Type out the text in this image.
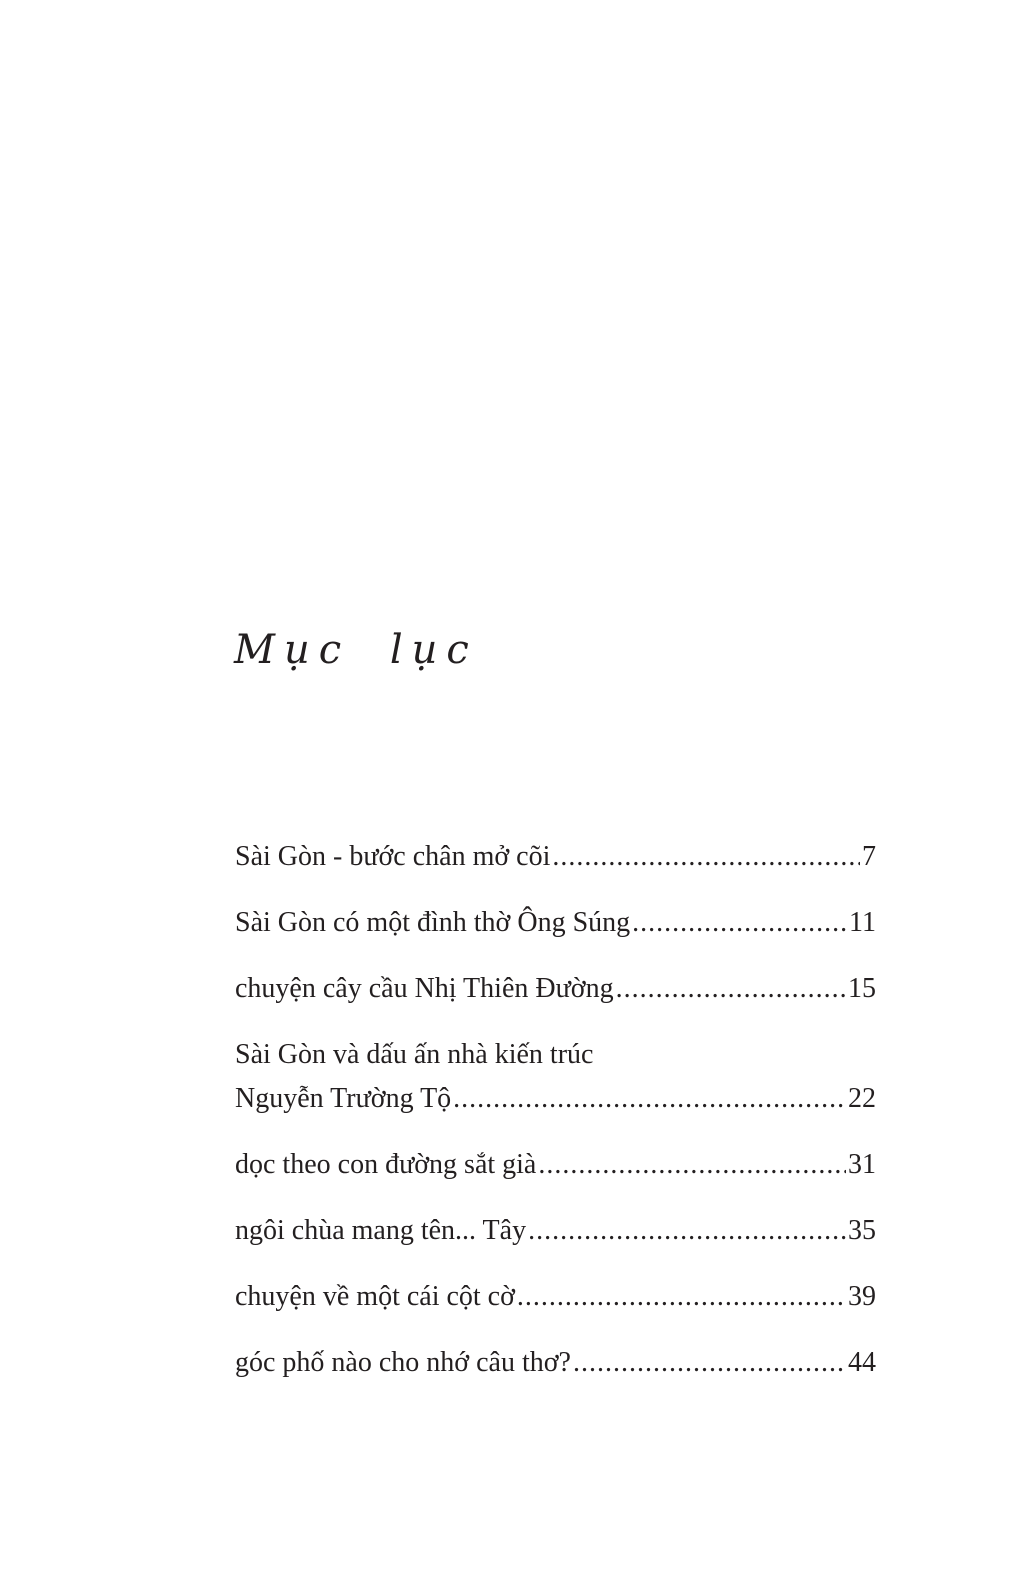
Mục lục
Sài Gòn - bước chân mở cõi .....	7
Sài Gòn có một đình thờ Ông Súng .....	11
chuyện cây cầu Nhị Thiên Đường .....	15
Sài Gòn và dấu ấn nhà kiến trúc
Nguyễn Trường Tộ .....	22
dọc theo con đường sắt già .....	31
ngôi chùa mang tên... Tây .....	35
chuyện về một cái cột cờ .....	39
góc phố nào cho nhớ câu thơ? .....	44
